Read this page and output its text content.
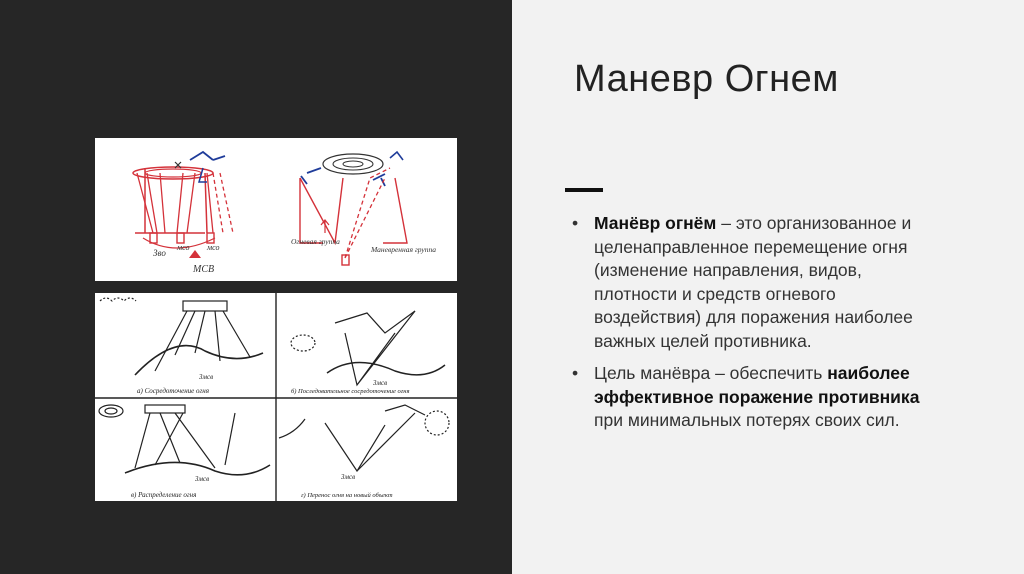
Звo
мсо мсо
МСВ
Огневая группа
Маневренная группа
3мсв
а) Сосредоточение огня
3мсв
б) Последовательное сосредоточение огня
3мсв
в) Распределение огня
3мсв
г) Перенос огня на новый объект
Маневр Огнем
• Манёвр огнём – это организованное и целенаправленное перемещение огня (изменение направления, видов, плотности и средств огневого воздействия) для поражения наиболее важных целей противника.
• Цель манёвра – обеспечить наиболее эффективное поражение противника при минимальных потерях своих сил.
